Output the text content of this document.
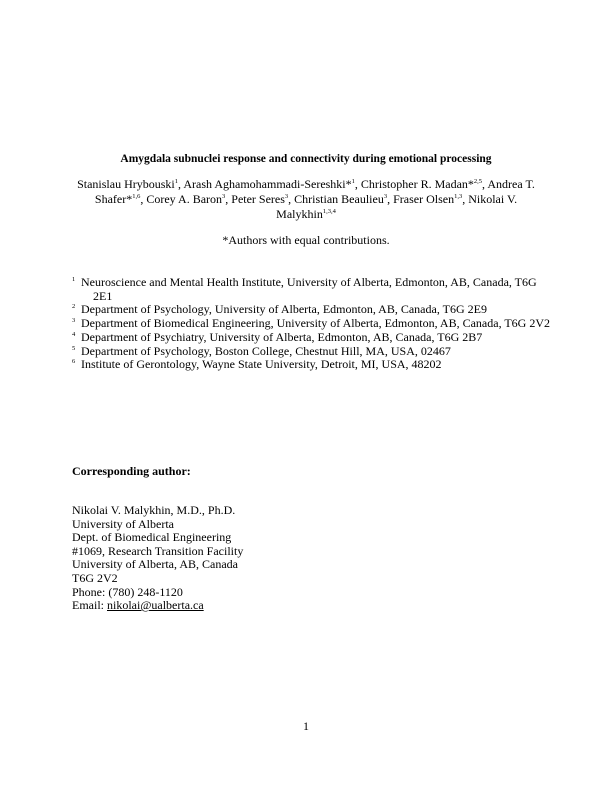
Amygdala subnuclei response and connectivity during emotional processing
Stanislau Hrybouski$^1$, Arash Aghamohammadi-Sereshki*$^1$, Christopher R. Madan*$^{2,5}$, Andrea T. Shafer*$^{1,6}$, Corey A. Baron$^3$, Peter Seres$^3$, Christian Beaulieu$^3$, Fraser Olsen$^{1,3}$, Nikolai V. Malykhin$^{1,3,4}$
*Authors with equal contributions.
$^1$ Neuroscience and Mental Health Institute, University of Alberta, Edmonton, AB, Canada, T6G 2E1
$^2$ Department of Psychology, University of Alberta, Edmonton, AB, Canada, T6G 2E9
$^3$ Department of Biomedical Engineering, University of Alberta, Edmonton, AB, Canada, T6G 2V2
$^4$ Department of Psychiatry, University of Alberta, Edmonton, AB, Canada, T6G 2B7
$^5$ Department of Psychology, Boston College, Chestnut Hill, MA, USA, 02467
$^6$ Institute of Gerontology, Wayne State University, Detroit, MI, USA, 48202
Corresponding author:
Nikolai V. Malykhin, M.D., Ph.D.
University of Alberta
Dept. of Biomedical Engineering
#1069, Research Transition Facility
University of Alberta, AB, Canada
T6G 2V2
Phone: (780) 248-1120
Email: nikolai@ualberta.ca
1
